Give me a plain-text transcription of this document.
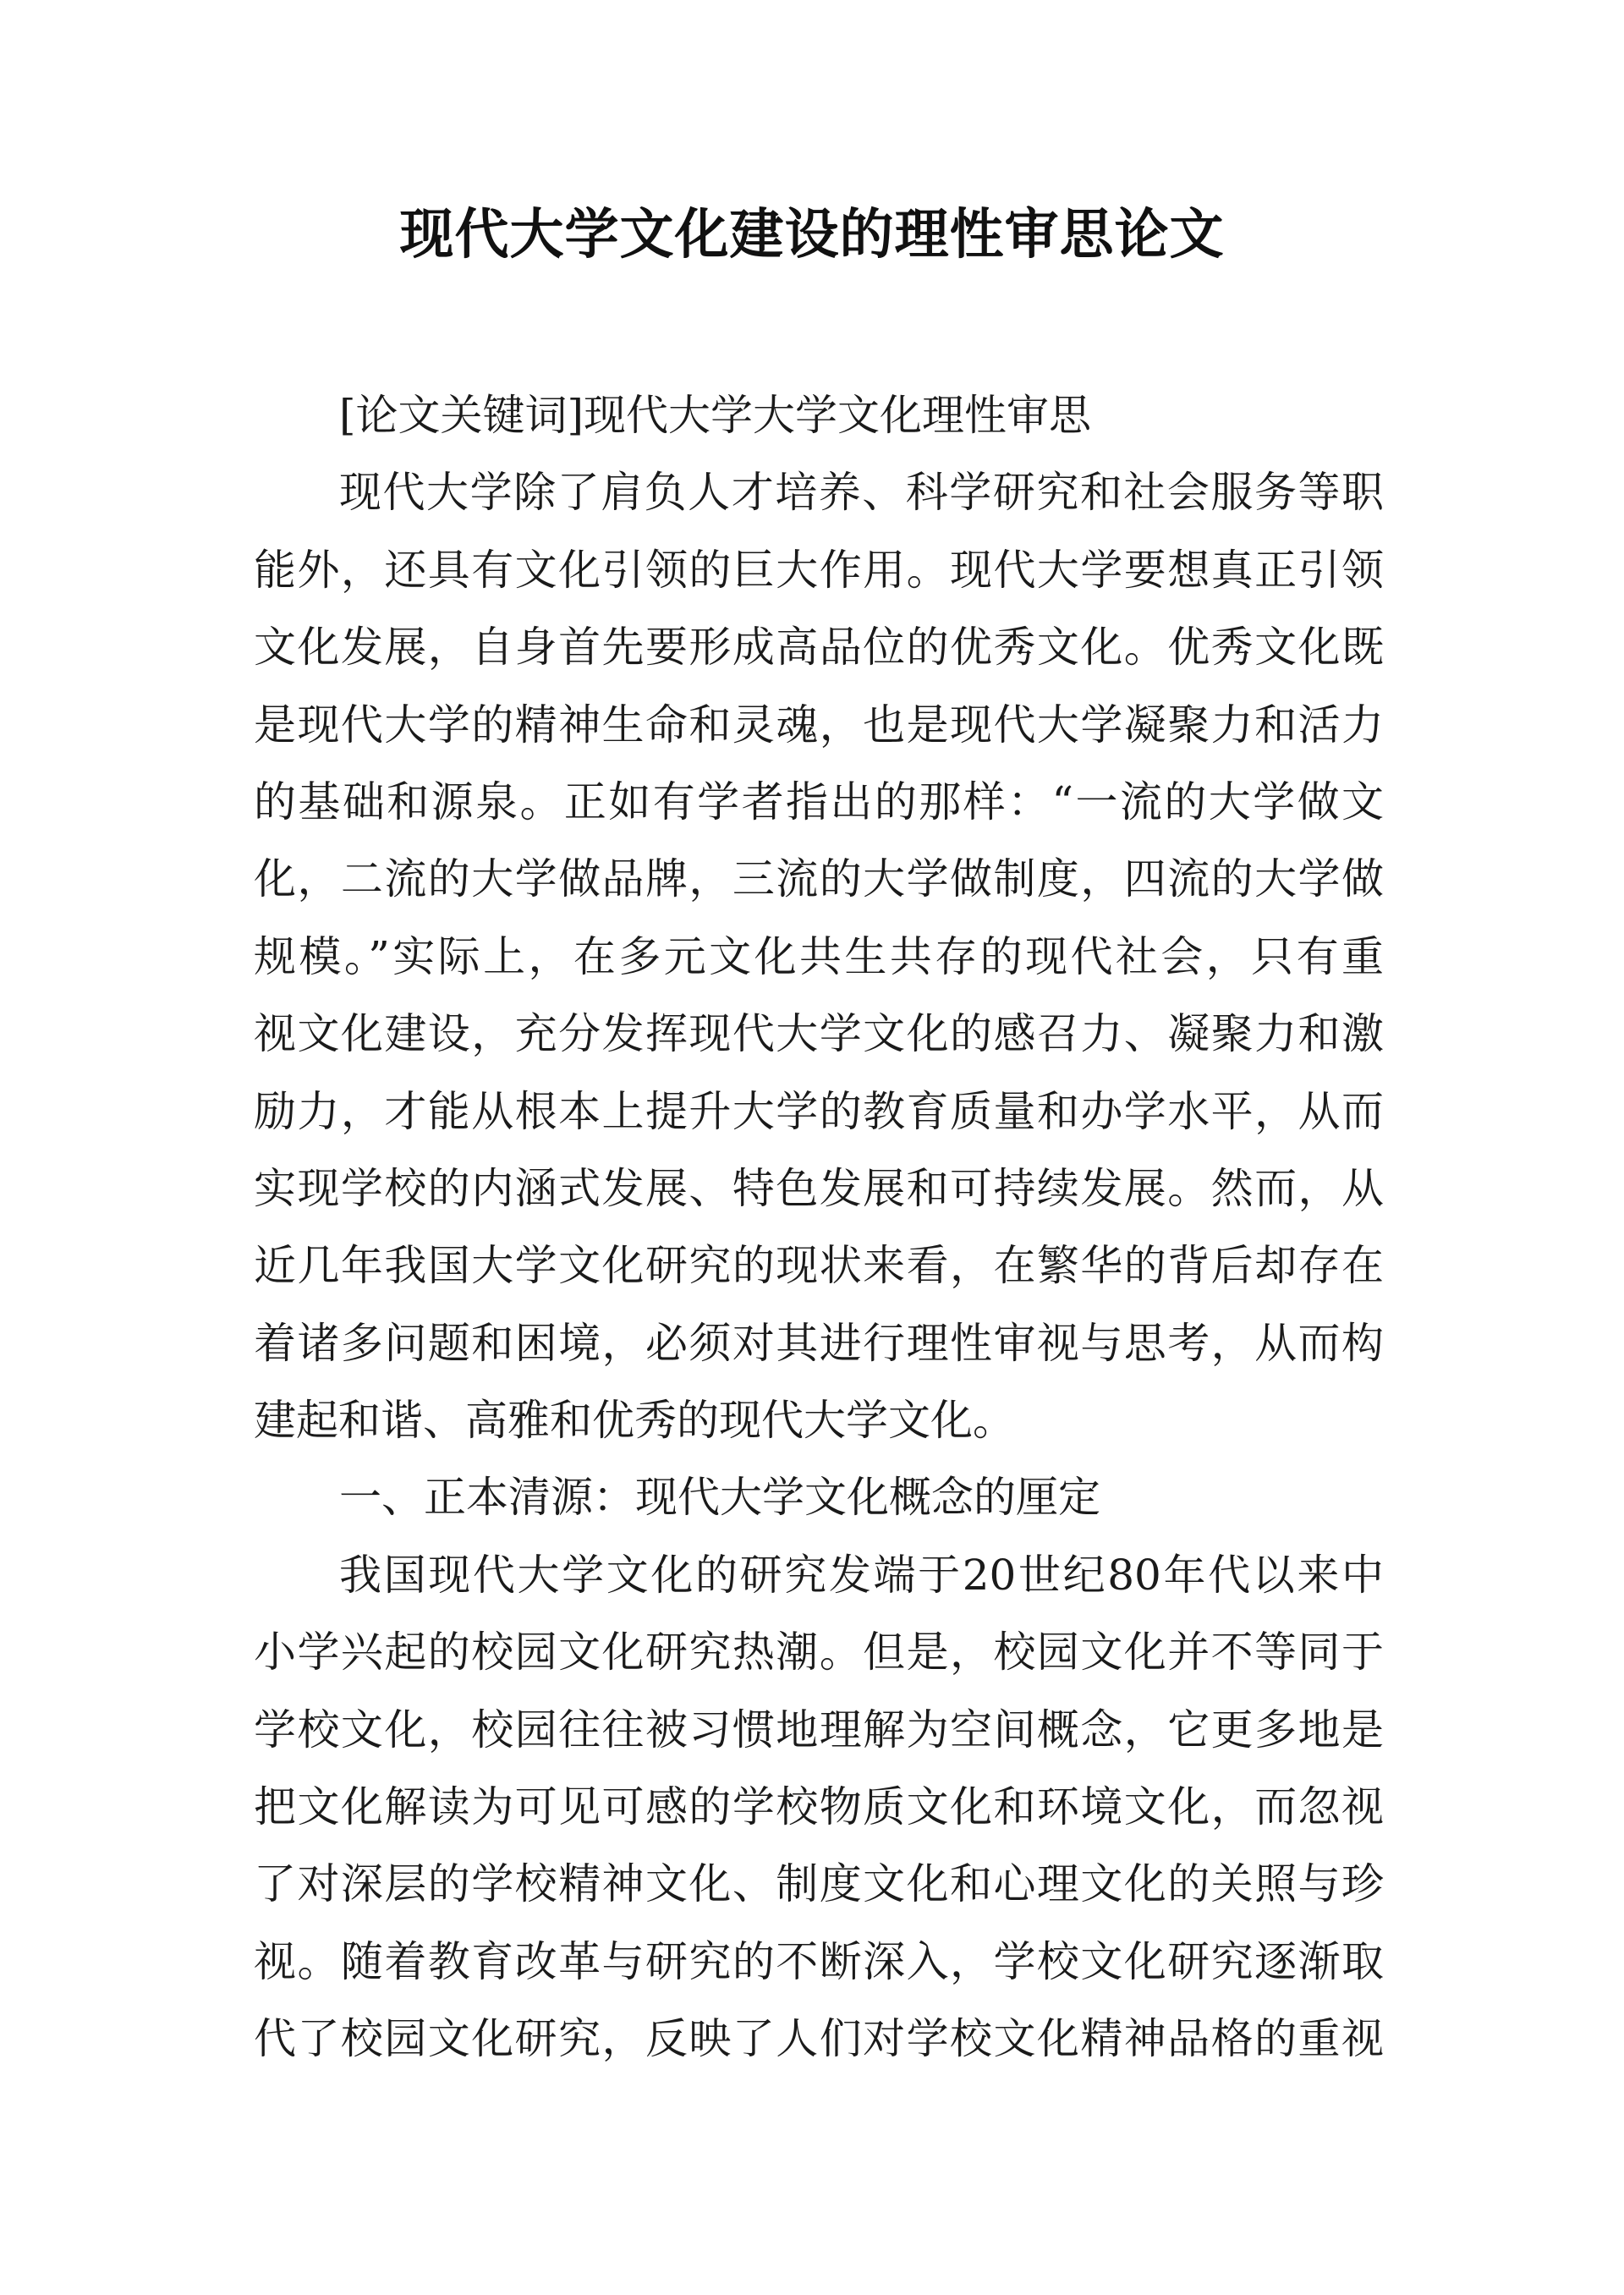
现代大学文化建设的理性审思论文
[论文关键词]现代大学大学文化理性审思
现代大学除了肩负人才培养、科学研究和社会服务等职
能外，还具有文化引领的巨大作用。现代大学要想真正引领
文化发展，自身首先要形成高品位的优秀文化。优秀文化既
是现代大学的精神生命和灵魂，也是现代大学凝聚力和活力
的基础和源泉。正如有学者指出的那样：“一流的大学做文
化，二流的大学做品牌，三流的大学做制度，四流的大学做
规模。”实际上，在多元文化共生共存的现代社会，只有重
视文化建设，充分发挥现代大学文化的感召力、凝聚力和激
励力，才能从根本上提升大学的教育质量和办学水平，从而
实现学校的内涵式发展、特色发展和可持续发展。然而，从
近几年我国大学文化研究的现状来看，在繁华的背后却存在
着诸多问题和困境，必须对其进行理性审视与思考，从而构
建起和谐、高雅和优秀的现代大学文化。
一、正本清源：现代大学文化概念的厘定
我国现代大学文化的研究发端于20世纪80年代以来中
小学兴起的校园文化研究热潮。但是，校园文化并不等同于
学校文化，校园往往被习惯地理解为空间概念，它更多地是
把文化解读为可见可感的学校物质文化和环境文化，而忽视
了对深层的学校精神文化、制度文化和心理文化的关照与珍
视。随着教育改革与研究的不断深入，学校文化研究逐渐取
代了校园文化研究，反映了人们对学校文化精神品格的重视
